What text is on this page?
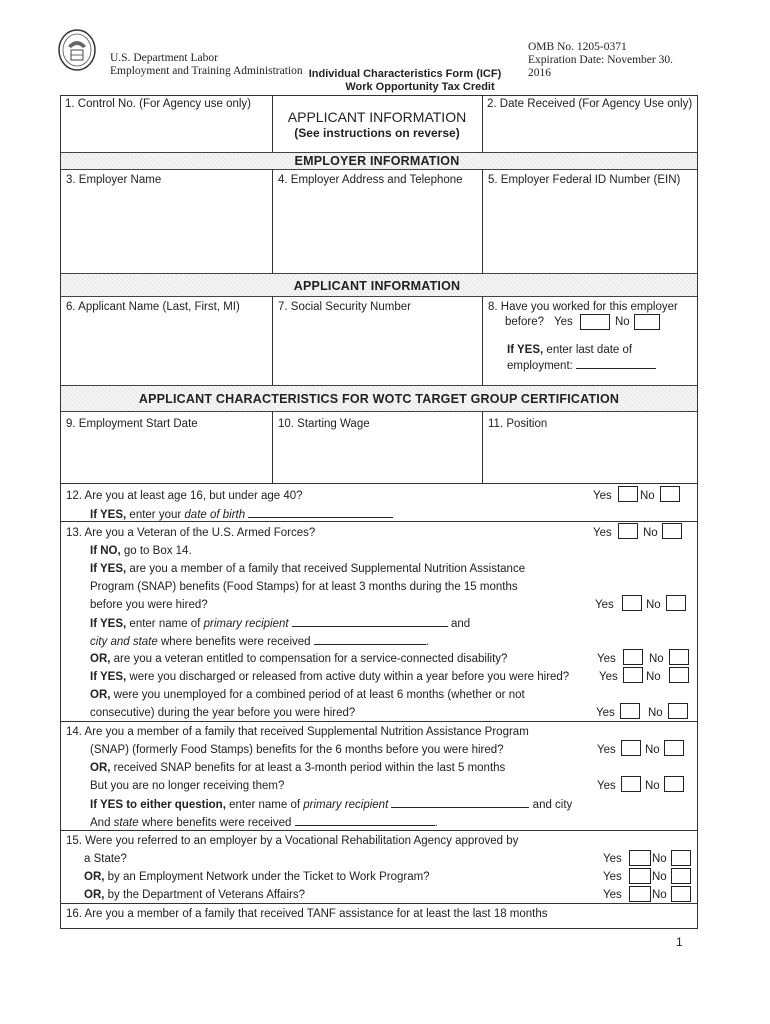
U.S. Department Labor
Employment and Training Administration Individual Characteristics Form (ICF)
Work Opportunity Tax Credit
OMB No. 1205-0371
Expiration Date: November 30.
2016
1. Control No. (For Agency use only)
APPLICANT INFORMATION
(See instructions on reverse)
2. Date Received (For Agency Use only)
EMPLOYER INFORMATION
3. Employer Name	4. Employer Address and Telephone 5. Employer Federal ID Number (EIN)
APPLICANT INFORMATION
6. Applicant Name (Last, First, MI)	7. Social Security Number	8. Have you worked for this employer
before? Yes	No
If YES, enter last date of
employment:
APPLICANT CHARACTERISTICS FOR WOTC TARGET GROUP CERTIFICATION
9. Employment Start Date	10. Starting Wage	11. Position
12. Are you at least age 16, but under age 40?	Yes No
If YES, enter your date of birth
13. Are you a Veteran of the U.S. Armed Forces?	Yes	No
If NO, go to Box 14.
If YES, are you a member of a family that received Supplemental Nutrition Assistance
Program (SNAP) benefits (Food Stamps) for at least 3 months during the 15 months
before you were hired?	Yes	No
If YES, enter name of primary recipient	and
city and state where benefits were received	.
OR, are you a veteran entitled to compensation for a service-connected disability?	Yes	No
If YES, were you discharged or released from active duty within a year before you were hired?	Yes No
OR, were you unemployed for a combined period of at least 6 months (whether or not
consecutive) during the year before you were hired?	Yes	No
14. Are you a member of a family that received Supplemental Nutrition Assistance Program
(SNAP) (formerly Food Stamps) benefits for the 6 months before you were hired?	Yes	No
OR, received SNAP benefits for at least a 3-month period within the last 5 months
But you are no longer receiving them?	Yes	No
If YES to either question, enter name of primary recipient	and city
And state where benefits were received	.
15. Were you referred to an employer by a Vocational Rehabilitation Agency approved by
a State?	Yes	No
OR, by an Employment Network under the Ticket to Work Program?	Yes	No
OR, by the Department of Veterans Affairs?	Yes	No
16. Are you a member of a family that received TANF assistance for at least the last 18 months
1
